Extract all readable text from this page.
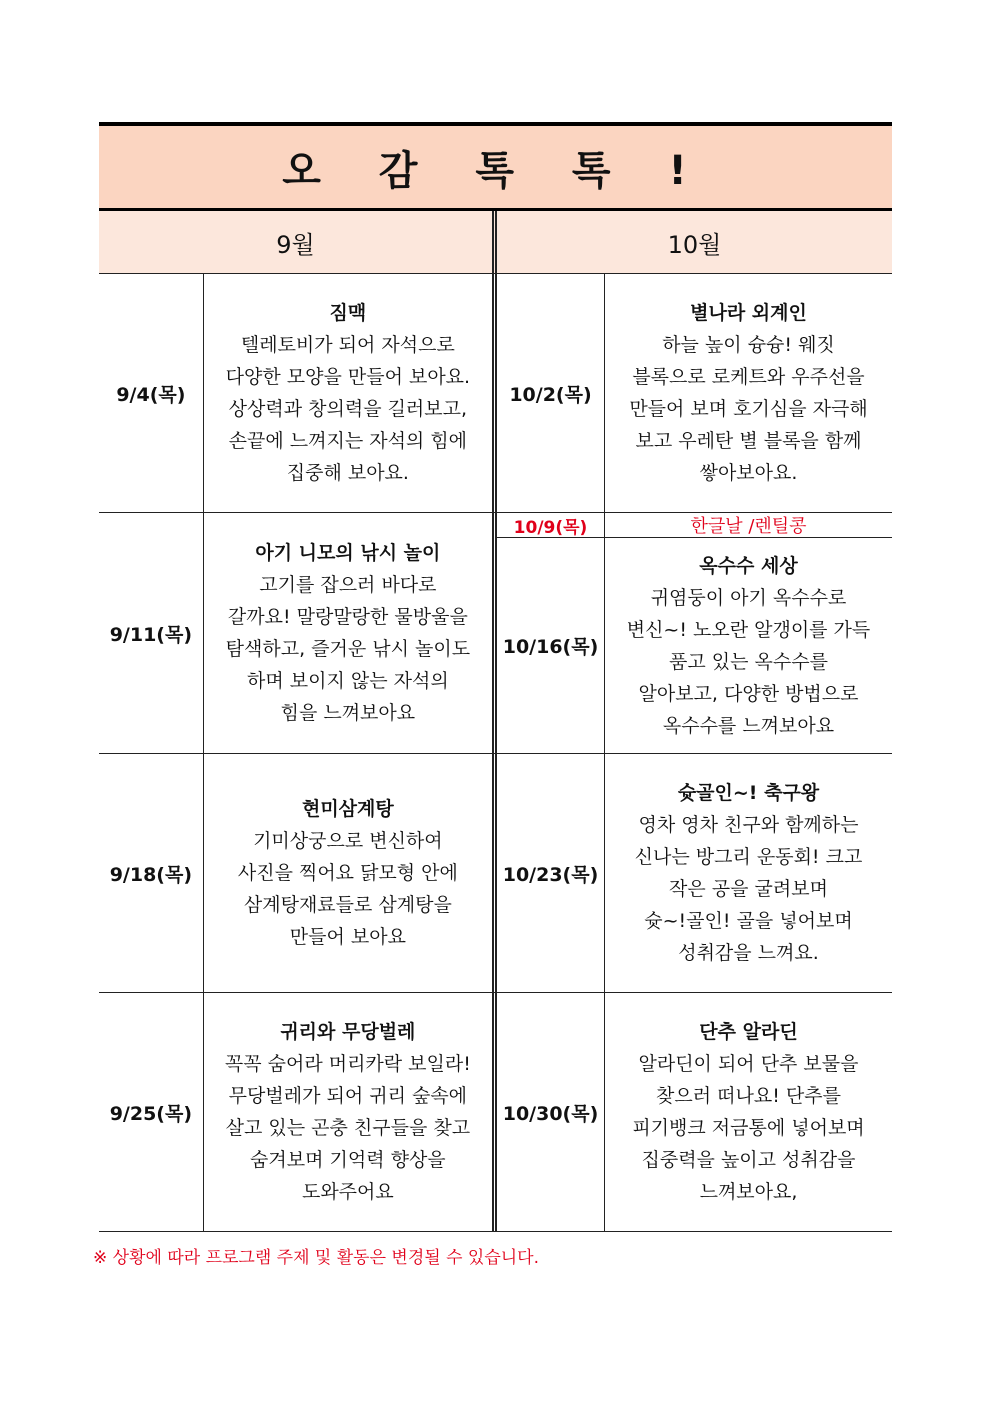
오 감 톡 톡 !
9월	10월
9/4(목)
짐맥
텔레토비가 되어 자석으로
다양한 모양을 만들어 보아요.
상상력과 창의력을 길러보고,
손끝에 느껴지는 자석의 힘에
집중해 보아요.
10/2(목)
별나라 외계인
하늘 높이 슝슝! 웨짓
블록으로 로케트와 우주선을
만들어 보며 호기심을 자극해
보고 우레탄 별 블록을 함께
쌓아보아요.
9/11(목)
아기 니모의 낚시 놀이
고기를 잡으러 바다로
갈까요! 말랑말랑한 물방울을
탐색하고, 즐거운 낚시 놀이도
하며 보이지 않는 자석의
힘을 느껴보아요
10/9(목)	한글날 /렌틸콩
10/16(목)
옥수수 세상
귀염둥이 아기 옥수수로
변신~! 노오란 알갱이를 가득
품고 있는 옥수수를
알아보고, 다양한 방법으로
옥수수를 느껴보아요
9/18(목)
현미삼계탕
기미상궁으로 변신하여
사진을 찍어요 닭모형 안에
삼계탕재료들로 삼계탕을
만들어 보아요
10/23(목)
슛골인~! 축구왕
영차 영차 친구와 함께하는
신나는 방그리 운동회! 크고
작은 공을 굴려보며
슛~!골인! 골을 넣어보며
성취감을 느껴요.
9/25(목)
귀리와 무당벌레
꼭꼭 숨어라 머리카락 보일라!
무당벌레가 되어 귀리 숲속에
살고 있는 곤충 친구들을 찾고
숨겨보며 기억력 향상을
도와주어요
10/30(목)
단추 알라딘
알라딘이 되어 단추 보물을
찾으러 떠나요! 단추를
피기뱅크 저금통에 넣어보며
집중력을 높이고 성취감을
느껴보아요,
※ 상황에 따라 프로그램 주제 및 활동은 변경될 수 있습니다.
